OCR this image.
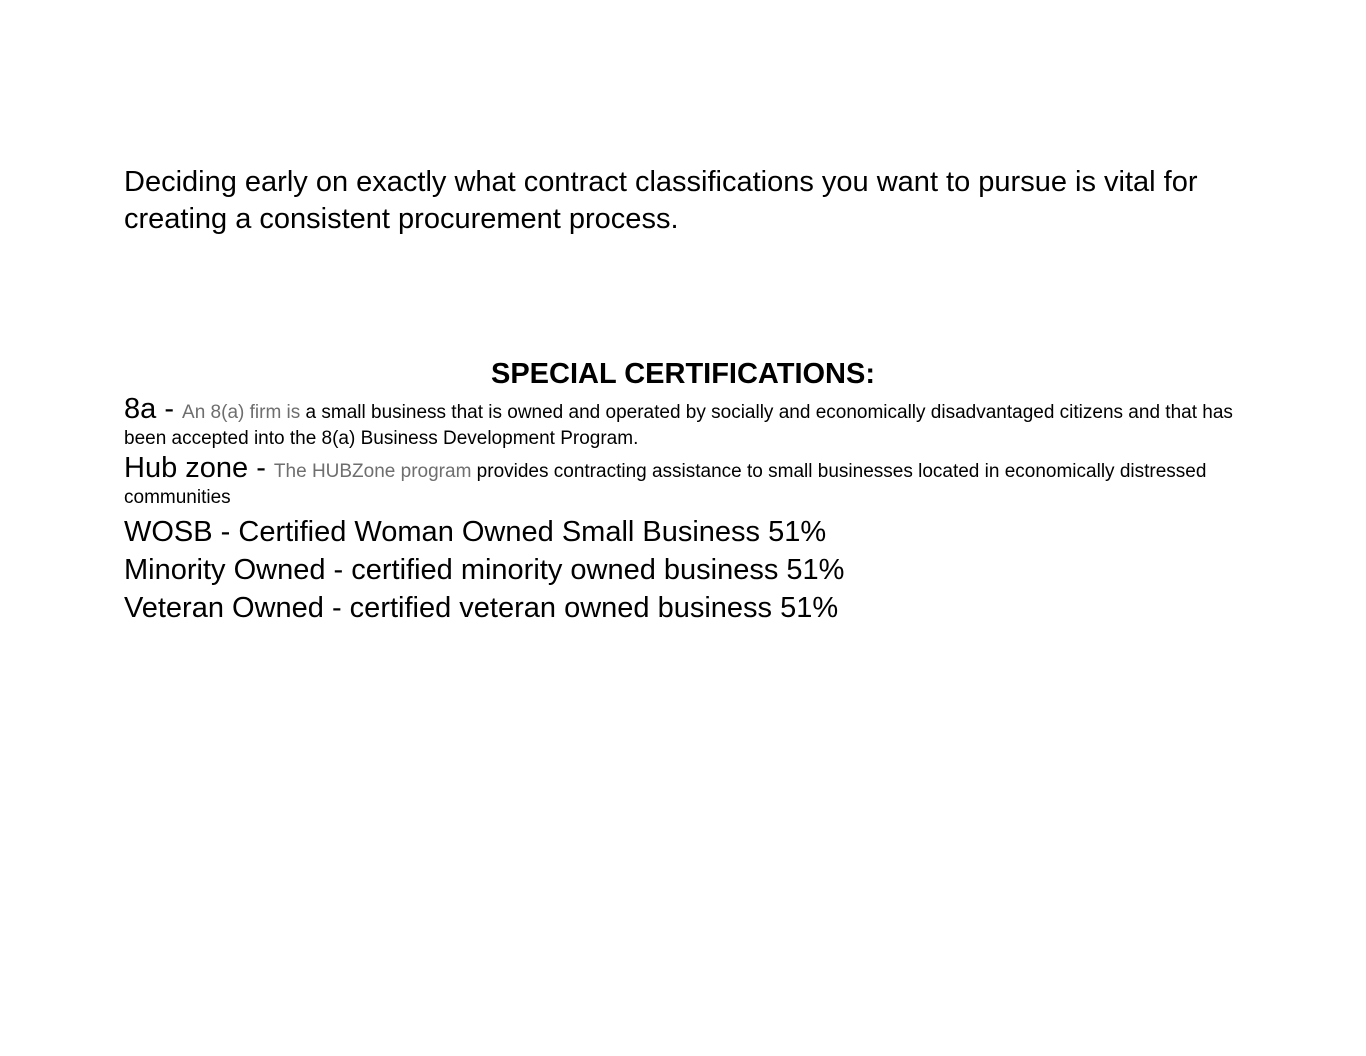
Deciding early on exactly what contract classifications you want to pursue is vital for creating a consistent procurement process.

SPECIAL CERTIFICATIONS:

8a - An 8(a) firm is a small business that is owned and operated by socially and economically disadvantaged citizens and that has been accepted into the 8(a) Business Development Program.

Hub zone - The HUBZone program provides contracting assistance to small businesses located in economically distressed communities

WOSB - Certified Woman Owned Small Business 51%

Minority Owned - certified minority owned business 51%

Veteran Owned - certified veteran owned business 51%
